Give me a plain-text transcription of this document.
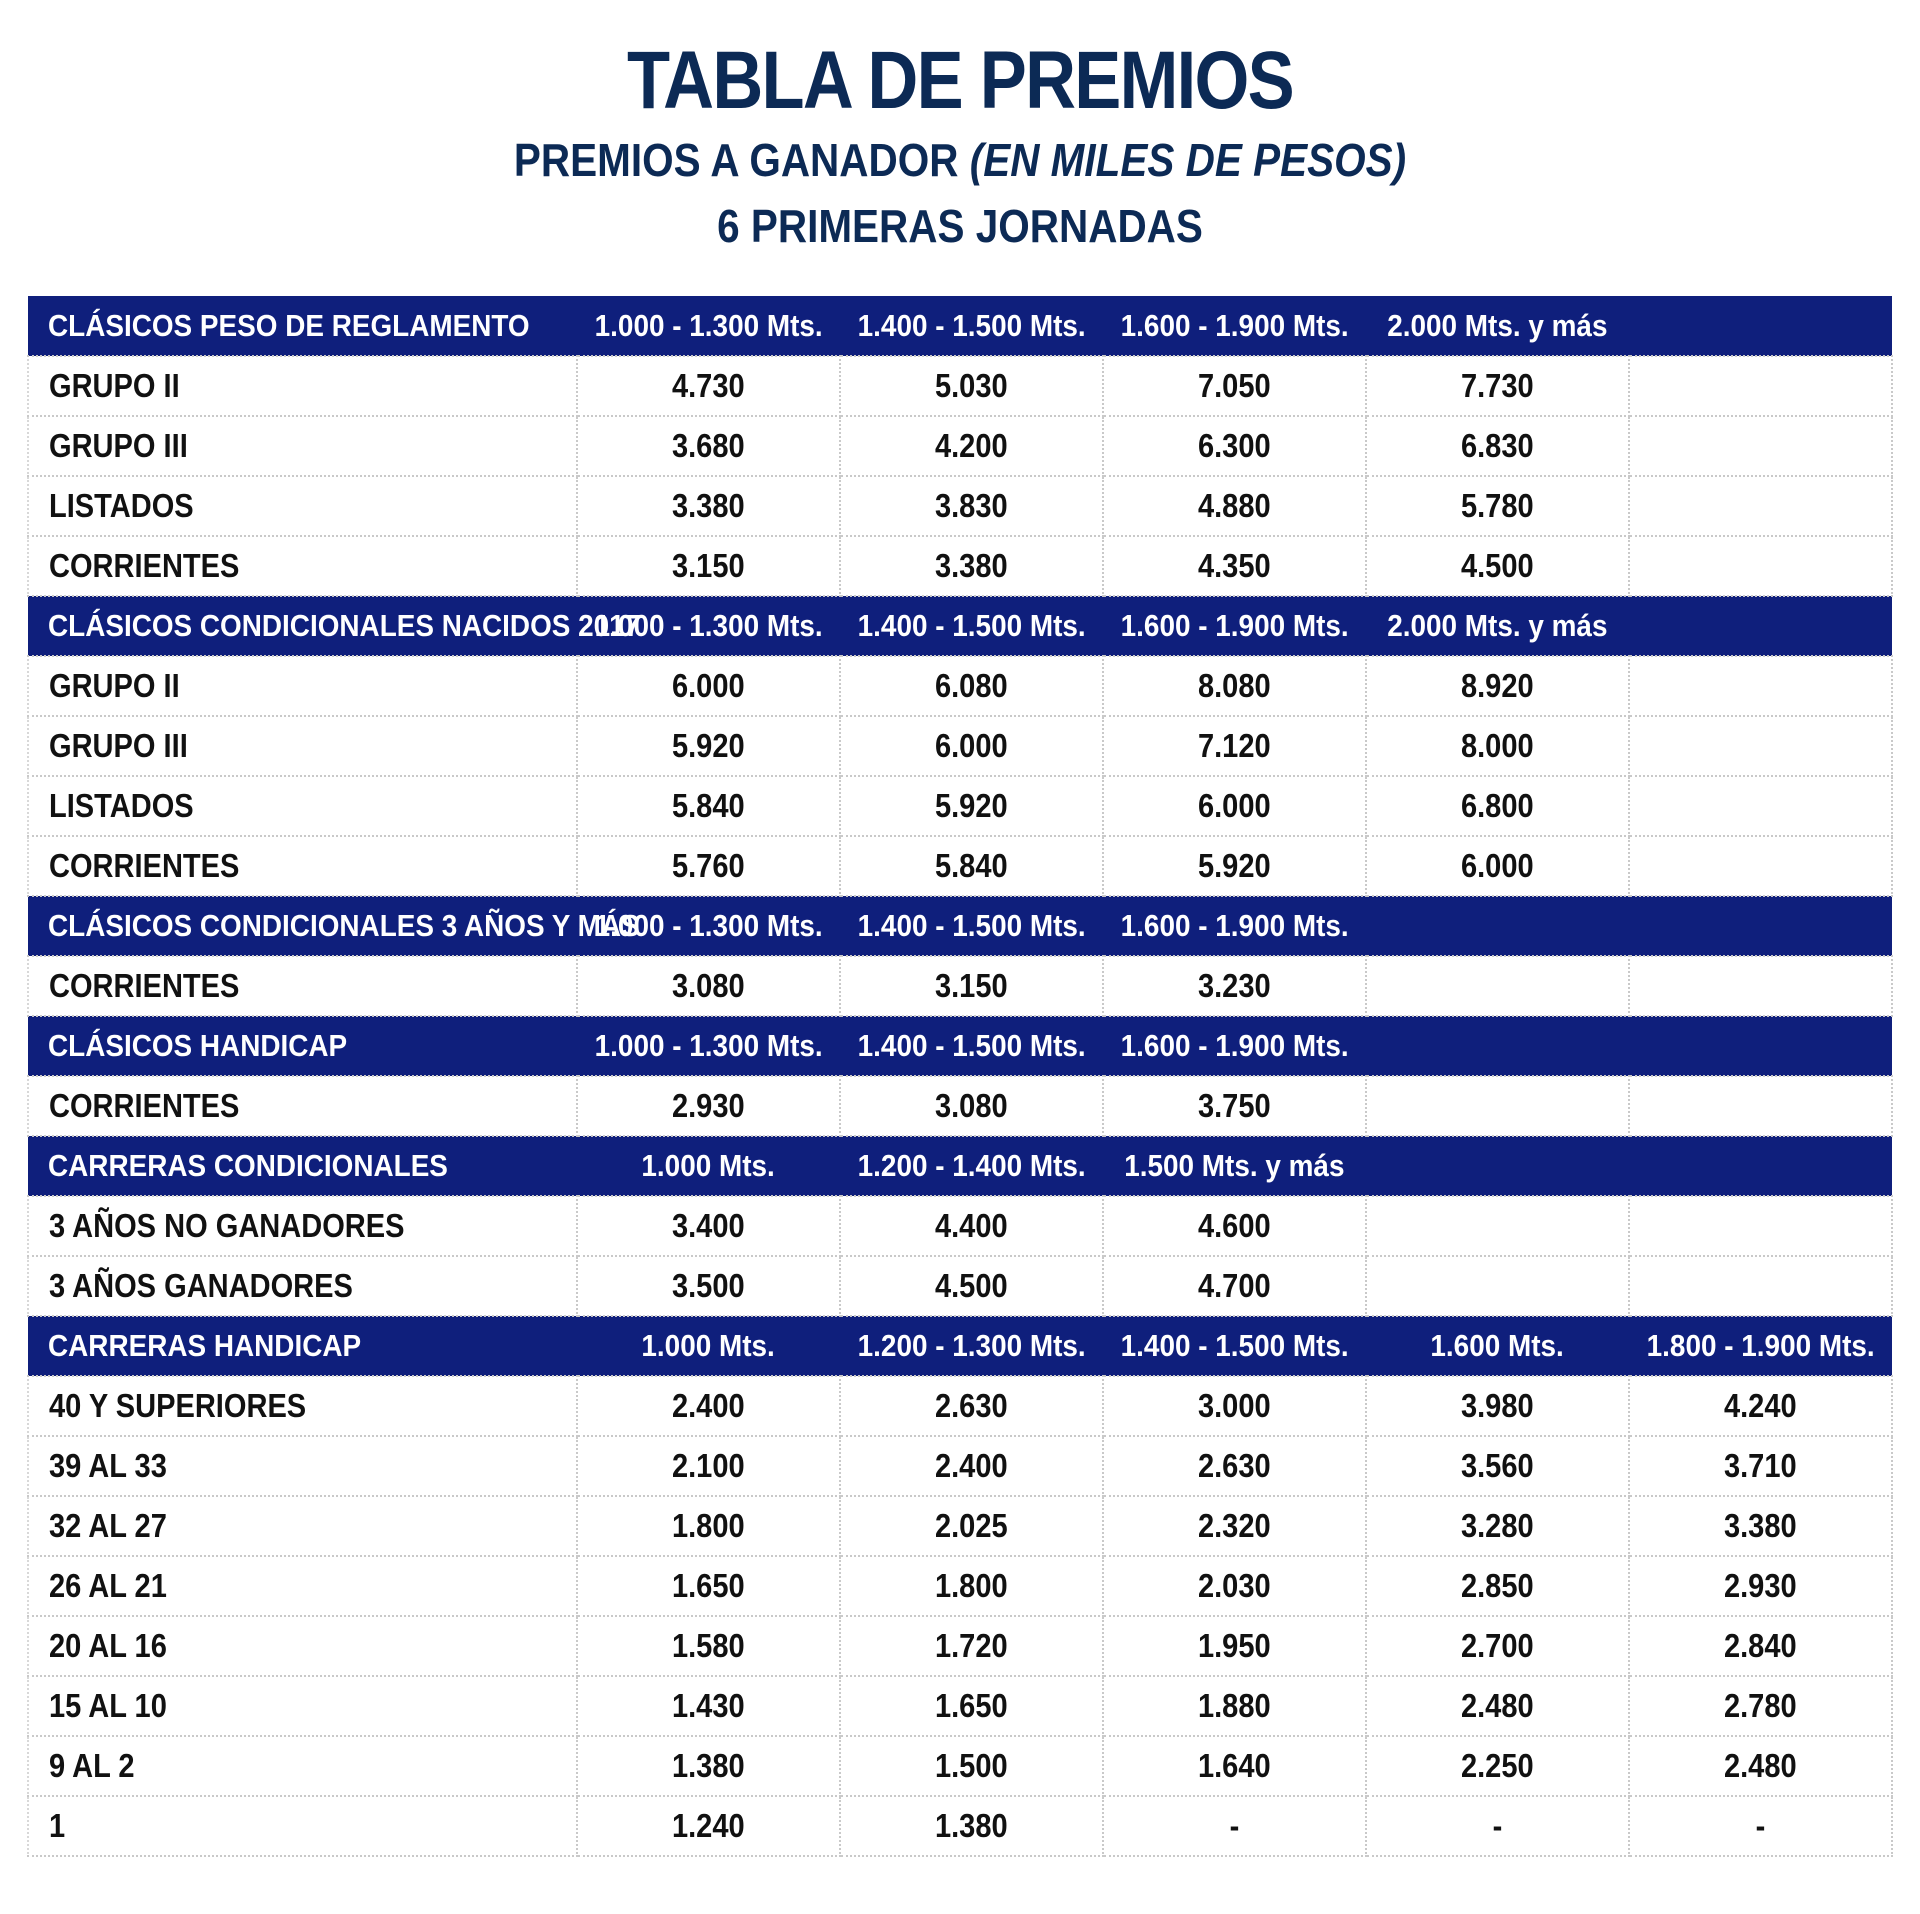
TABLA DE PREMIOS
PREMIOS A GANADOR (EN MILES DE PESOS)
6 PRIMERAS JORNADAS
CLÁSICOS PESO DE REGLAMENTO	1.000 - 1.300 Mts.	1.400 - 1.500 Mts.	1.600 - 1.900 Mts.	2.000 Mts. y más	
GRUPO II	4.730	5.030	7.050	7.730	
GRUPO III	3.680	4.200	6.300	6.830	
LISTADOS	3.380	3.830	4.880	5.780	
CORRIENTES	3.150	3.380	4.350	4.500	
CLÁSICOS CONDICIONALES NACIDOS 2017	1.000 - 1.300 Mts.	1.400 - 1.500 Mts.	1.600 - 1.900 Mts.	2.000 Mts. y más	
GRUPO II	6.000	6.080	8.080	8.920	
GRUPO III	5.920	6.000	7.120	8.000	
LISTADOS	5.840	5.920	6.000	6.800	
CORRIENTES	5.760	5.840	5.920	6.000	
CLÁSICOS CONDICIONALES 3 AÑOS Y MÁS	1.000 - 1.300 Mts.	1.400 - 1.500 Mts.	1.600 - 1.900 Mts.		
CORRIENTES	3.080	3.150	3.230		
CLÁSICOS HANDICAP	1.000 - 1.300 Mts.	1.400 - 1.500 Mts.	1.600 - 1.900 Mts.		
CORRIENTES	2.930	3.080	3.750		
CARRERAS CONDICIONALES	1.000 Mts.	1.200 - 1.400 Mts.	1.500 Mts. y más		
3 AÑOS NO GANADORES	3.400	4.400	4.600		
3 AÑOS GANADORES	3.500	4.500	4.700		
CARRERAS HANDICAP	1.000 Mts.	1.200 - 1.300 Mts.	1.400 - 1.500 Mts.	1.600 Mts.	1.800 - 1.900 Mts.
40 Y SUPERIORES	2.400	2.630	3.000	3.980	4.240
39 AL 33	2.100	2.400	2.630	3.560	3.710
32 AL 27	1.800	2.025	2.320	3.280	3.380
26 AL 21	1.650	1.800	2.030	2.850	2.930
20 AL 16	1.580	1.720	1.950	2.700	2.840
15 AL 10	1.430	1.650	1.880	2.480	2.780
9 AL 2	1.380	1.500	1.640	2.250	2.480
1	1.240	1.380	-	-	-
